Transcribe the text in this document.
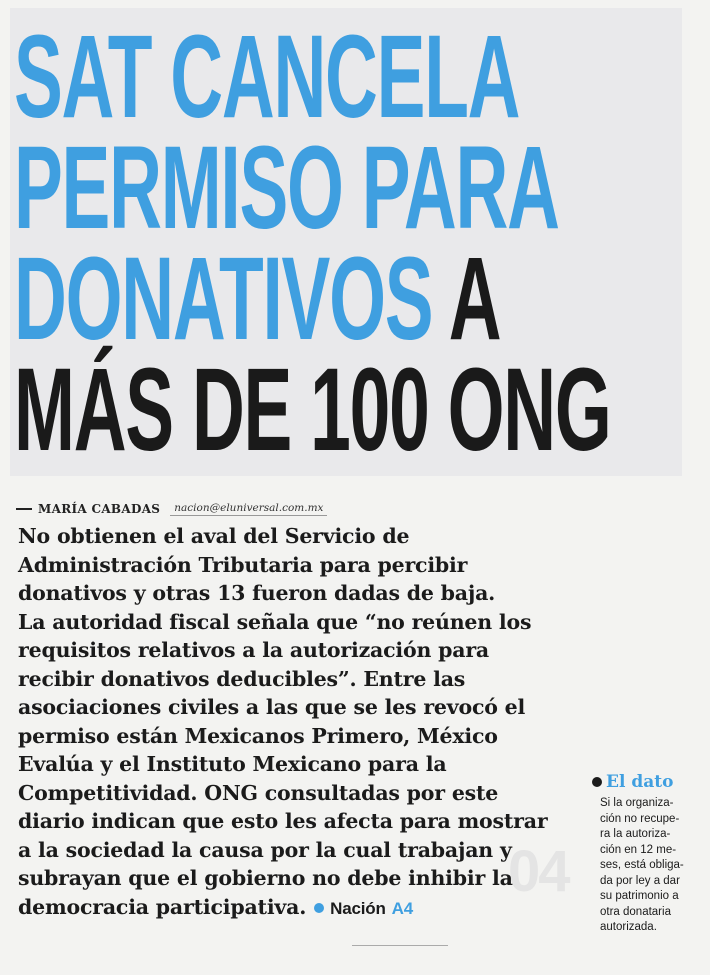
SAT CANCELA
PERMISO PARA
DONATIVOS A
MÁS DE 100 ONG
MARÍA CABADAS	nacion@eluniversal.com.mx
04

No obtienen el aval del Servicio de
Administración Tributaria para percibir
donativos y otras 13 fueron dadas de baja.
La autoridad fiscal señala que “no reúnen los
requisitos relativos a la autorización para
recibir donativos deducibles”. Entre las
asociaciones civiles a las que se les revocó el
permiso están Mexicanos Primero, México
Evalúa y el Instituto Mexicano para la
Competitividad. ONG consultadas por este
diario indican que esto les afecta para mostrar
a la sociedad la causa por la cual trabajan y
subrayan que el gobierno no debe inhibir la
democracia participativa. Nación A4

El dato
Si la organiza-
ción no recupe-
ra la autoriza-
ción en 12 me-
ses, está obliga-
da por ley a dar
su patrimonio a
otra donataria
autorizada.
